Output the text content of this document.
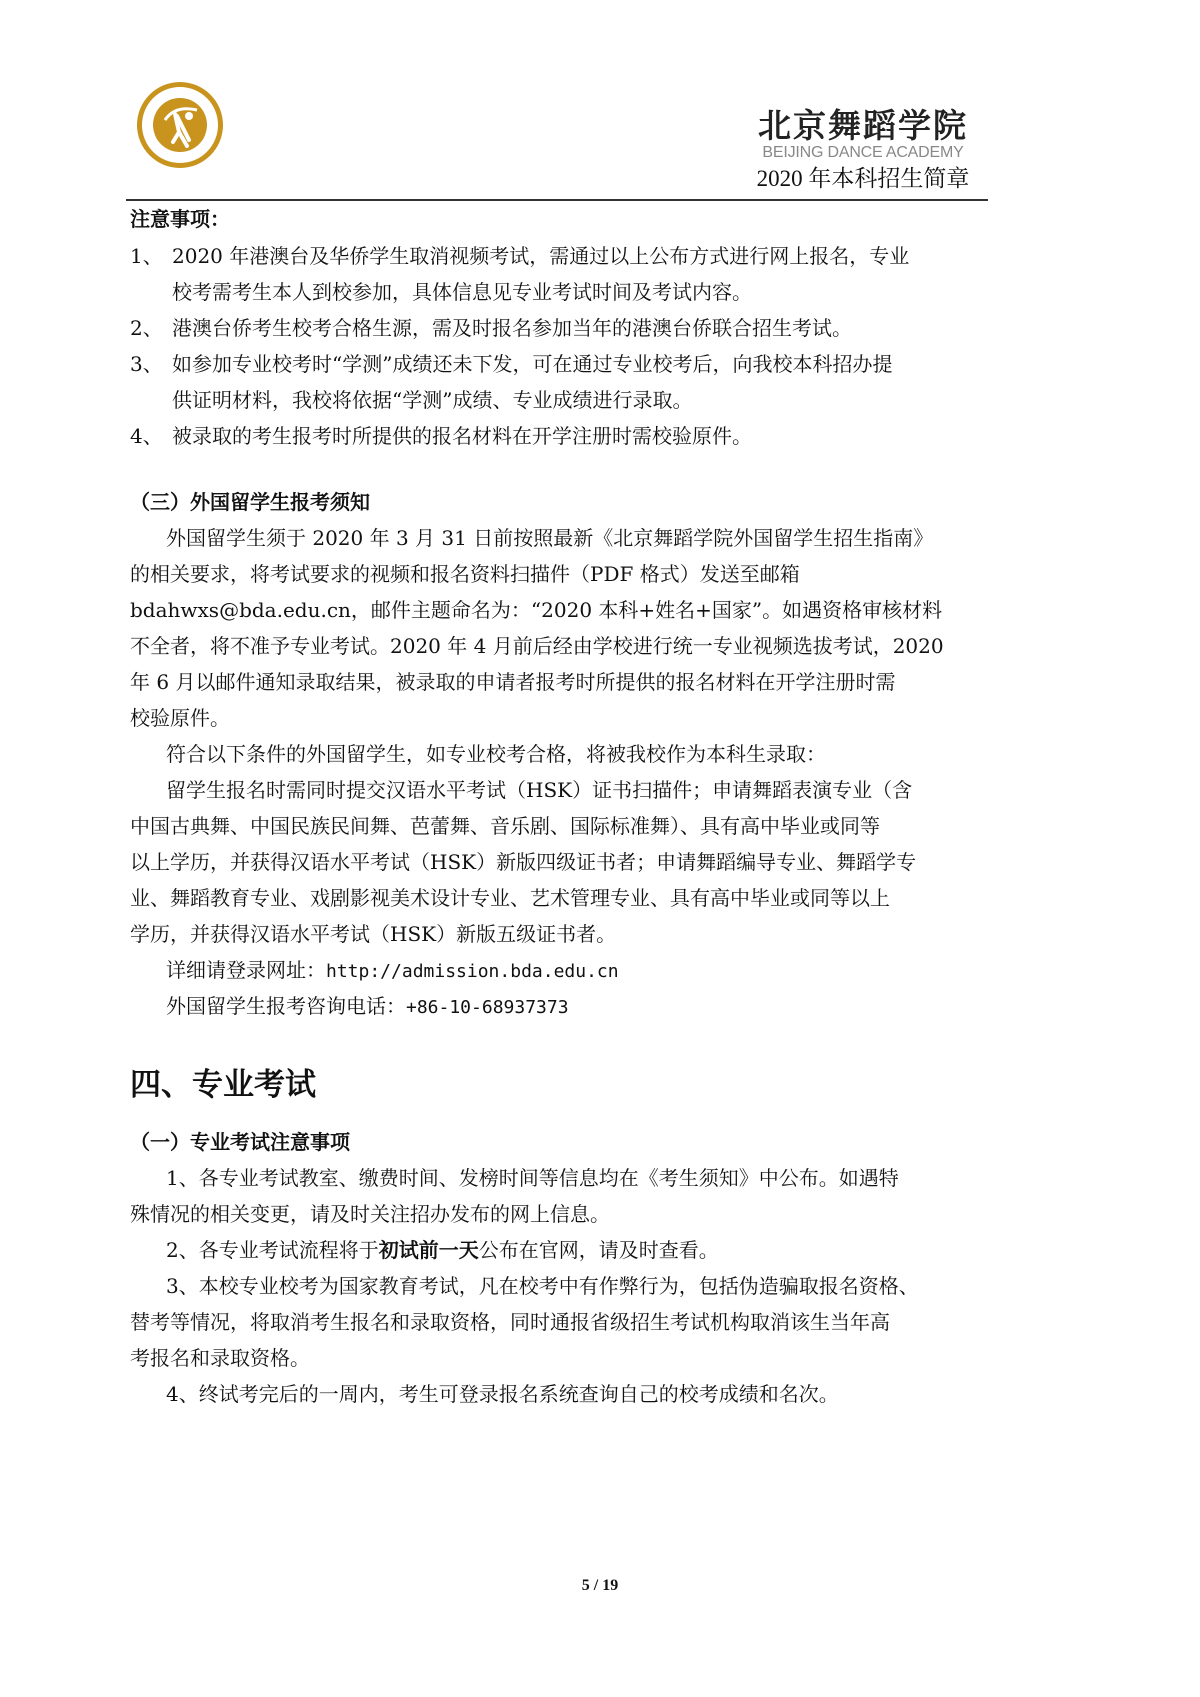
北京舞蹈学院
BEIJING DANCE ACADEMY
2020 年本科招生简章
注意事项：
1、 2020 年港澳台及华侨学生取消视频考试，需通过以上公布方式进行网上报名，专业
校考需考生本人到校参加，具体信息见专业考试时间及考试内容。
2、 港澳台侨考生校考合格生源，需及时报名参加当年的港澳台侨联合招生考试。
3、 如参加专业校考时“学测”成绩还未下发，可在通过专业校考后，向我校本科招办提
供证明材料，我校将依据“学测”成绩、专业成绩进行录取。
4、 被录取的考生报考时所提供的报名材料在开学注册时需校验原件。
（三）外国留学生报考须知
外国留学生须于 2020 年 3 月 31 日前按照最新《北京舞蹈学院外国留学生招生指南》
的相关要求，将考试要求的视频和报名资料扫描件（PDF 格式）发送至邮箱
bdahwxs@bda.edu.cn，邮件主题命名为：“2020 本科+姓名+国家”。如遇资格审核材料
不全者，将不准予专业考试。2020 年 4 月前后经由学校进行统一专业视频选拔考试，2020
年 6 月以邮件通知录取结果，被录取的申请者报考时所提供的报名材料在开学注册时需
校验原件。
符合以下条件的外国留学生，如专业校考合格，将被我校作为本科生录取：
留学生报名时需同时提交汉语水平考试（HSK）证书扫描件；申请舞蹈表演专业（含
中国古典舞、中国民族民间舞、芭蕾舞、音乐剧、国际标准舞）、具有高中毕业或同等
以上学历，并获得汉语水平考试（HSK）新版四级证书者；申请舞蹈编导专业、舞蹈学专
业、舞蹈教育专业、戏剧影视美术设计专业、艺术管理专业、具有高中毕业或同等以上
学历，并获得汉语水平考试（HSK）新版五级证书者。
详细请登录网址：http://admission.bda.edu.cn
外国留学生报考咨询电话：+86-10-68937373
四、专业考试
（一）专业考试注意事项
1、各专业考试教室、缴费时间、发榜时间等信息均在《考生须知》中公布。如遇特
殊情况的相关变更，请及时关注招办发布的网上信息。
2、各专业考试流程将于初试前一天公布在官网，请及时查看。
3、本校专业校考为国家教育考试，凡在校考中有作弊行为，包括伪造骗取报名资格、
替考等情况，将取消考生报名和录取资格，同时通报省级招生考试机构取消该生当年高
考报名和录取资格。
4、终试考完后的一周内，考生可登录报名系统查询自己的校考成绩和名次。
5 / 19
